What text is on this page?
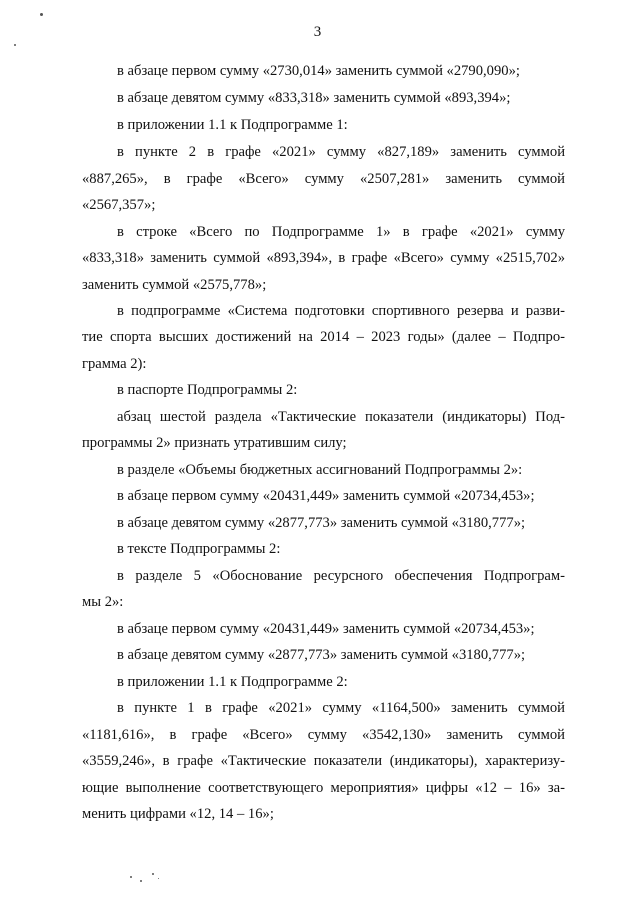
3
в абзаце первом сумму «2730,014» заменить суммой «2790,090»;
в абзаце девятом сумму «833,318» заменить суммой «893,394»;
в приложении 1.1 к Подпрограмме 1:
в пункте 2 в графе «2021» сумму «827,189» заменить суммой
«887,265», в графе «Всего» сумму «2507,281» заменить суммой
«2567,357»;
в строке «Всего по Подпрограмме 1» в графе «2021» сумму
«833,318» заменить суммой «893,394», в графе «Всего» сумму «2515,702»
заменить суммой «2575,778»;
в подпрограмме «Система подготовки спортивного резерва и разви-
тие спорта высших достижений на 2014 – 2023 годы» (далее – Подпро-
грамма 2):
в паспорте Подпрограммы 2:
абзац шестой раздела «Тактические показатели (индикаторы) Под-
программы 2» признать утратившим силу;
в разделе «Объемы бюджетных ассигнований Подпрограммы 2»:
в абзаце первом сумму «20431,449» заменить суммой «20734,453»;
в абзаце девятом сумму «2877,773» заменить суммой «3180,777»;
в тексте Подпрограммы 2:
в разделе 5 «Обоснование ресурсного обеспечения Подпрограм-
мы 2»:
в абзаце первом сумму «20431,449» заменить суммой «20734,453»;
в абзаце девятом сумму «2877,773» заменить суммой «3180,777»;
в приложении 1.1 к Подпрограмме 2:
в пункте 1 в графе «2021» сумму «1164,500» заменить суммой
«1181,616», в графе «Всего» сумму «3542,130» заменить суммой
«3559,246», в графе «Тактические показатели (индикаторы), характеризу-
ющие выполнение соответствующего мероприятия» цифры «12 – 16» за-
менить цифрами «12, 14 – 16»;
